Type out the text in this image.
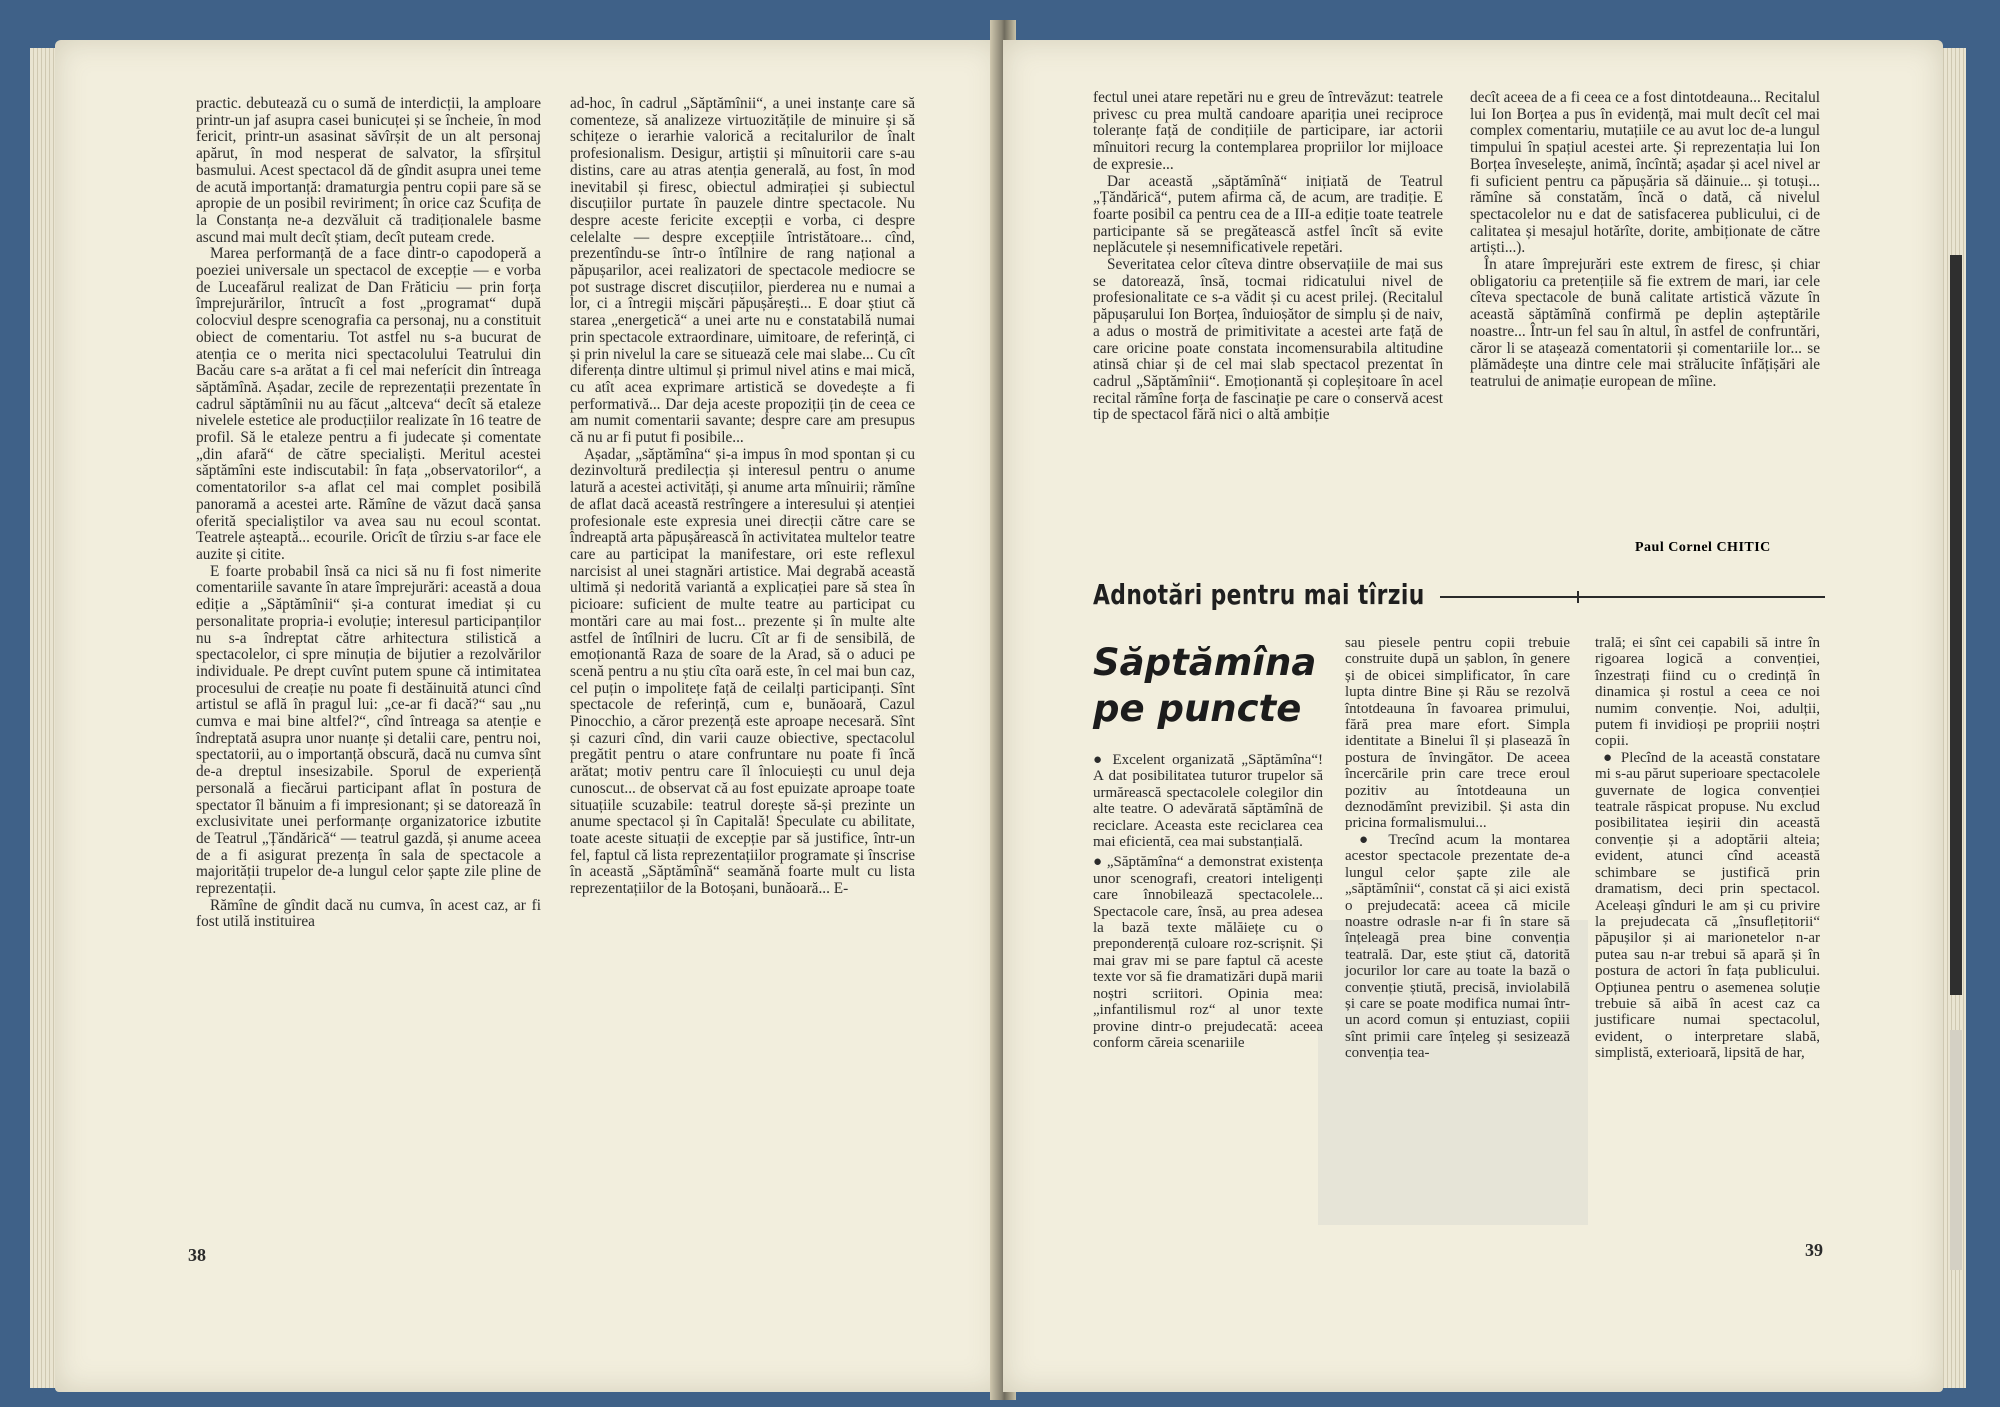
practic. debutează cu o sumă de interdicții, la amploare printr-un jaf asupra casei bunicuței și se încheie, în mod fericit, printr-un asasinat săvîrșit de un alt personaj apărut, în mod nesperat de salvator, la sfîrșitul basmului. Acest spectacol dă de gîndit asupra unei teme de acută importanță: dramaturgia pentru copii pare să se apropie de un posibil reviriment; în orice caz Scufița de la Constanța ne-a dezvăluit că tradiționalele basme ascund mai mult decît știam, decît puteam crede.

Marea performanță de a face dintr-o capodoperă a poeziei universale un spectacol de excepție — e vorba de Luceafărul realizat de Dan Frăticiu — prin forța împrejurărilor, întrucît a fost „programat“ după colocviul despre scenografia ca personaj, nu a constituit obiect de comentariu. Tot astfel nu s-a bucurat de atenția ce o merita nici spectacolului Teatrului din Bacău care s-a arătat a fi cel mai neferícit din întreaga săptămînă. Așadar, zecile de reprezentații prezentate în cadrul săptămînii nu au făcut „altceva“ decît să etaleze nivelele estetice ale producțiilor realizate în 16 teatre de profil. Să le etaleze pentru a fi judecate și comentate „din afară“ de către specialiști. Meritul acestei săptămîni este indiscutabil: în fața „observatorilor“, a comentatorilor s-a aflat cel mai complet posibilă panoramă a acestei arte. Rămîne de văzut dacă șansa oferită specialiștilor va avea sau nu ecoul scontat. Teatrele așteaptă... ecourile. Oricît de tîrziu s-ar face ele auzite și citite.

E foarte probabil însă ca nici să nu fi fost nimerite comentariile savante în atare împrejurări: această a doua ediție a „Săptămînii“ și-a conturat imediat și cu personalitate propria-i evoluție; interesul participanților nu s-a îndreptat către arhitectura stilistică a spectacolelor, ci spre minuția de bijutier a rezolvărilor individuale. Pe drept cuvînt putem spune că intimitatea procesului de creație nu poate fi destăinuită atunci cînd artistul se află în pragul lui: „ce-ar fi dacă?“ sau „nu cumva e mai bine altfel?“, cînd întreaga sa atenție e îndreptată asupra unor nuanțe și detalii care, pentru noi, spectatorii, au o importanță obscură, dacă nu cumva sînt de-a dreptul insesizabile. Sporul de experiență personală a fiecărui participant aflat în postura de spectator îl bănuim a fi impresionant; și se datorează în exclusivitate unei performanțe organizatorice izbutite de Teatrul „Țăndărică“ — teatrul gazdă, și anume aceea de a fi asigurat prezența în sala de spectacole a majorității trupelor de-a lungul celor șapte zile pline de reprezentații.

Rămîne de gîndit dacă nu cumva, în acest caz, ar fi fost utilă instituirea

ad-hoc, în cadrul „Săptămînii“, a unei instanțe care să comenteze, să analizeze virtuozitățile de minuire și să schițeze o ierarhie valorică a recitalurilor de înalt profesionalism. Desigur, artiștii și mînuitorii care s-au distins, care au atras atenția generală, au fost, în mod inevitabil și firesc, obiectul admirației și subiectul discuțiilor purtate în pauzele dintre spectacole. Nu despre aceste fericite excepții e vorba, ci despre celelalte — despre excepțiile întristătoare... cînd, prezentîndu-se într-o întîlnire de rang național a păpușarilor, acei realizatori de spectacole mediocre se pot sustrage discret discuțiilor, pierderea nu e numai a lor, ci a întregii mișcări păpușărești... E doar știut că starea „energetică“ a unei arte nu e constatabilă numai prin spectacole extraordinare, uimitoare, de referință, ci și prin nivelul la care se situează cele mai slabe... Cu cît diferența dintre ultimul și primul nivel atins e mai mică, cu atît acea exprimare artistică se dovedește a fi performativă... Dar deja aceste propoziții țin de ceea ce am numit comentarii savante; despre care am presupus că nu ar fi putut fi posibile...

Așadar, „săptămîna“ și-a impus în mod spontan și cu dezinvoltură predilecția și interesul pentru o anume latură a acestei activități, și anume arta mînuirii; rămîne de aflat dacă această restrîngere a interesului și atenției profesionale este expresia unei direcții către care se îndreaptă arta păpușărească în activitatea multelor teatre care au participat la manifestare, ori este reflexul narcisist al unei stagnări artistice. Mai degrabă această ultimă și nedorită variantă a explicației pare să stea în picioare: suficient de multe teatre au participat cu montări care au mai fost... prezente și în multe alte astfel de întîlniri de lucru. Cît ar fi de sensibilă, de emoționantă Raza de soare de la Arad, să o aduci pe scenă pentru a nu știu cîta oară este, în cel mai bun caz, cel puțin o impolitețe față de ceilalți participanți. Sînt spectacole de referință, cum e, bunăoară, Cazul Pinocchio, a căror prezență este aproape necesară. Sînt și cazuri cînd, din varii cauze obiective, spectacolul pregătit pentru o atare confruntare nu poate fi încă arătat; motiv pentru care îl înlocuiești cu unul deja cunoscut... de observat că au fost epuizate aproape toate situațiile scuzabile: teatrul dorește să-și prezinte un anume spectacol și în Capitală! Speculate cu abilitate, toate aceste situații de excepție par să justifice, într-un fel, faptul că lista reprezentațiilor programate și înscrise în această „Săptămînă“ seamănă foarte mult cu lista reprezentațiilor de la Botoșani, bunăoară... E-

38

fectul unei atare repetări nu e greu de întrevăzut: teatrele privesc cu prea multă candoare apariția unei reciproce toleranțe față de condițiile de participare, iar actorii mînuitori recurg la contemplarea propriilor lor mijloace de expresie...

Dar această „săptămînă“ inițiată de Teatrul „Țăndărică“, putem afirma că, de acum, are tradiție. E foarte posibil ca pentru cea de a III-a ediție toate teatrele participante să se pregătească astfel încît să evite neplăcutele și nesemnificativele repetări.

Severitatea celor cîteva dintre observațiile de mai sus se datorează, însă, tocmai ridicatului nivel de profesionalitate ce s-a vădit și cu acest prilej. (Recitalul păpușarului Ion Borțea, înduioșător de simplu și de naiv, a adus o mostră de primitivitate a acestei arte față de care oricine poate constata incomensurabila altitudine atinsă chiar și de cel mai slab spectacol prezentat în cadrul „Săptămînii“. Emoționantă și copleșitoare în acel recital rămîne forța de fascinație pe care o conservă acest tip de spectacol fără nici o altă ambiție

decît aceea de a fi ceea ce a fost dintotdeauna... Recitalul lui Ion Borțea a pus în evidență, mai mult decît cel mai complex comentariu, mutațiile ce au avut loc de-a lungul timpului în spațiul acestei arte. Și reprezentația lui Ion Borțea înveselește, animă, încîntă; așadar și acel nivel ar fi suficient pentru ca păpușăria să dăinuie... și totuși... rămîne să constatăm, încă o dată, că nivelul spectacolelor nu e dat de satisfacerea publicului, ci de calitatea și mesajul hotărîte, dorite, ambiționate de către artiști...).

În atare împrejurări este extrem de firesc, și chiar obligatoriu ca pretențiile să fie extrem de mari, iar cele cîteva spectacole de bună calitate artistică văzute în această săptămînă confirmă pe deplin așteptările noastre... Într-un fel sau în altul, în astfel de confruntări, căror li se atașează comentatorii și comentariile lor... se plămădește una dintre cele mai strălucite înfățișări ale teatrului de animație european de mîine.

Paul Cornel CHITIC
Adnotări pentru mai tîrziu
Săptămîna
pe puncte

● Excelent organizată „Săptămîna“! A dat posibilitatea tuturor trupelor să urmărească spectacolele colegilor din alte teatre. O adevărată săptămînă de reciclare. Aceasta este reciclarea cea mai eficientă, cea mai substanțială.

● „Săptămîna“ a demonstrat existența unor scenografi, creatori inteligenți care înnobilează spectacolele... Spectacole care, însă, au prea adesea la bază texte mălăiețe cu o preponderență culoare roz-scrișnit. Și mai grav mi se pare faptul că aceste texte vor să fie dramatizări după marii noștri scriitori. Opinia mea: „infantilismul roz“ al unor texte provine dintr-o prejudecată: aceea conform căreia scenariile

sau piesele pentru copii trebuie construite după un șablon, în genere și de obicei simplificator, în care lupta dintre Bine și Rău se rezolvă întotdeauna în favoarea primului, fără prea mare efort. Simpla identitate a Binelui îl și plasează în postura de învingător. De aceea încercările prin care trece eroul pozitiv au întotdeauna un deznodămînt previzibil. Și asta din pricina formalismului...

● Trecînd acum la montarea acestor spectacole prezentate de-a lungul celor șapte zile ale „săptămînii“, constat că și aici există o prejudecată: aceea că micile noastre odrasle n-ar fi în stare să înțeleagă prea bine convenția teatrală. Dar, este știut că, datorită jocurilor lor care au toate la bază o convenție știută, precisă, inviolabilă și care se poate modifica numai într-un acord comun și entuziast, copiii sînt primii care înțeleg și sesizează convenția tea-

trală; ei sînt cei capabili să intre în rigoarea logică a convenției, înzestrați fiind cu o credință în dinamica și rostul a ceea ce noi numim convenție. Noi, adulții, putem fi invidioși pe propriii noștri copii.

● Plecînd de la această constatare mi s-au părut superioare spectacolele guvernate de logica convenției teatrale răspicat propuse. Nu exclud posibilitatea ieșirii din această convenție și a adoptării alteia; evident, atunci cînd această schimbare se justifică prin dramatism, deci prin spectacol. Aceleași gînduri le am și cu privire la prejudecata că „însuflețitorii“ păpușilor și ai marionetelor n-ar putea sau n-ar trebui să apară și în postura de actori în fața publicului. Opțiunea pentru o asemenea soluție trebuie să aibă în acest caz ca justificare numai spectacolul, evident, o interpretare slabă, simplistă, exterioară, lipsită de har,

39
